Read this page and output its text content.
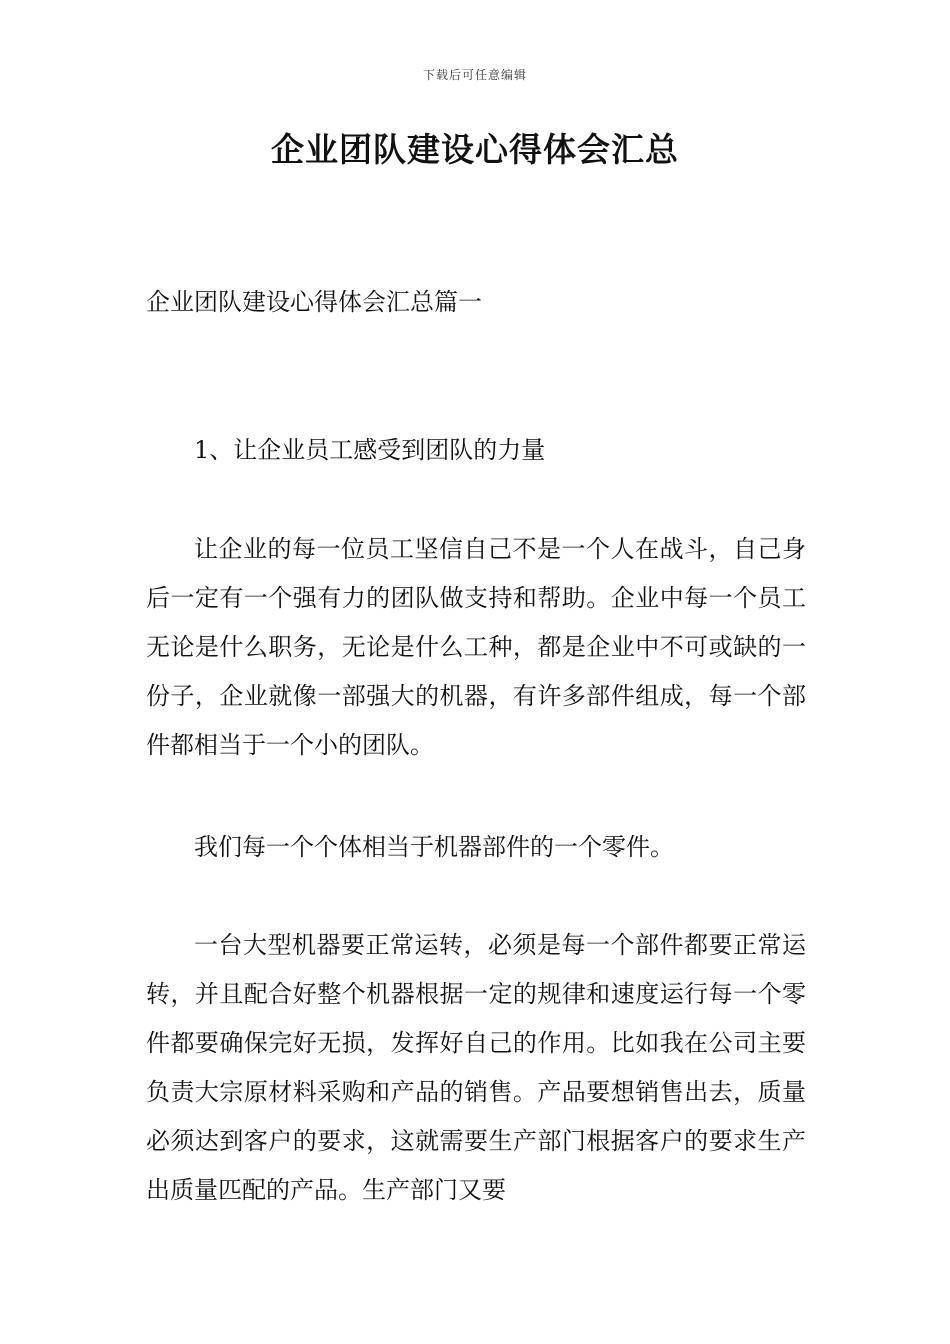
下载后可任意编辑
企业团队建设心得体会汇总
企业团队建设心得体会汇总篇一
1、让企业员工感受到团队的力量

让企业的每一位员工坚信自己不是一个人在战斗，自己身后一定有一个强有力的团队做支持和帮助。企业中每一个员工无论是什么职务，无论是什么工种，都是企业中不可或缺的一份子，企业就像一部强大的机器，有许多部件组成，每一个部件都相当于一个小的团队。

我们每一个个体相当于机器部件的一个零件。

一台大型机器要正常运转，必须是每一个部件都要正常运转，并且配合好整个机器根据一定的规律和速度运行每一个零件都要确保完好无损，发挥好自己的作用。比如我在公司主要负责大宗原材料采购和产品的销售。产品要想销售出去，质量必须达到客户的要求，这就需要生产部门根据客户的要求生产出质量匹配的产品。生产部门又要
